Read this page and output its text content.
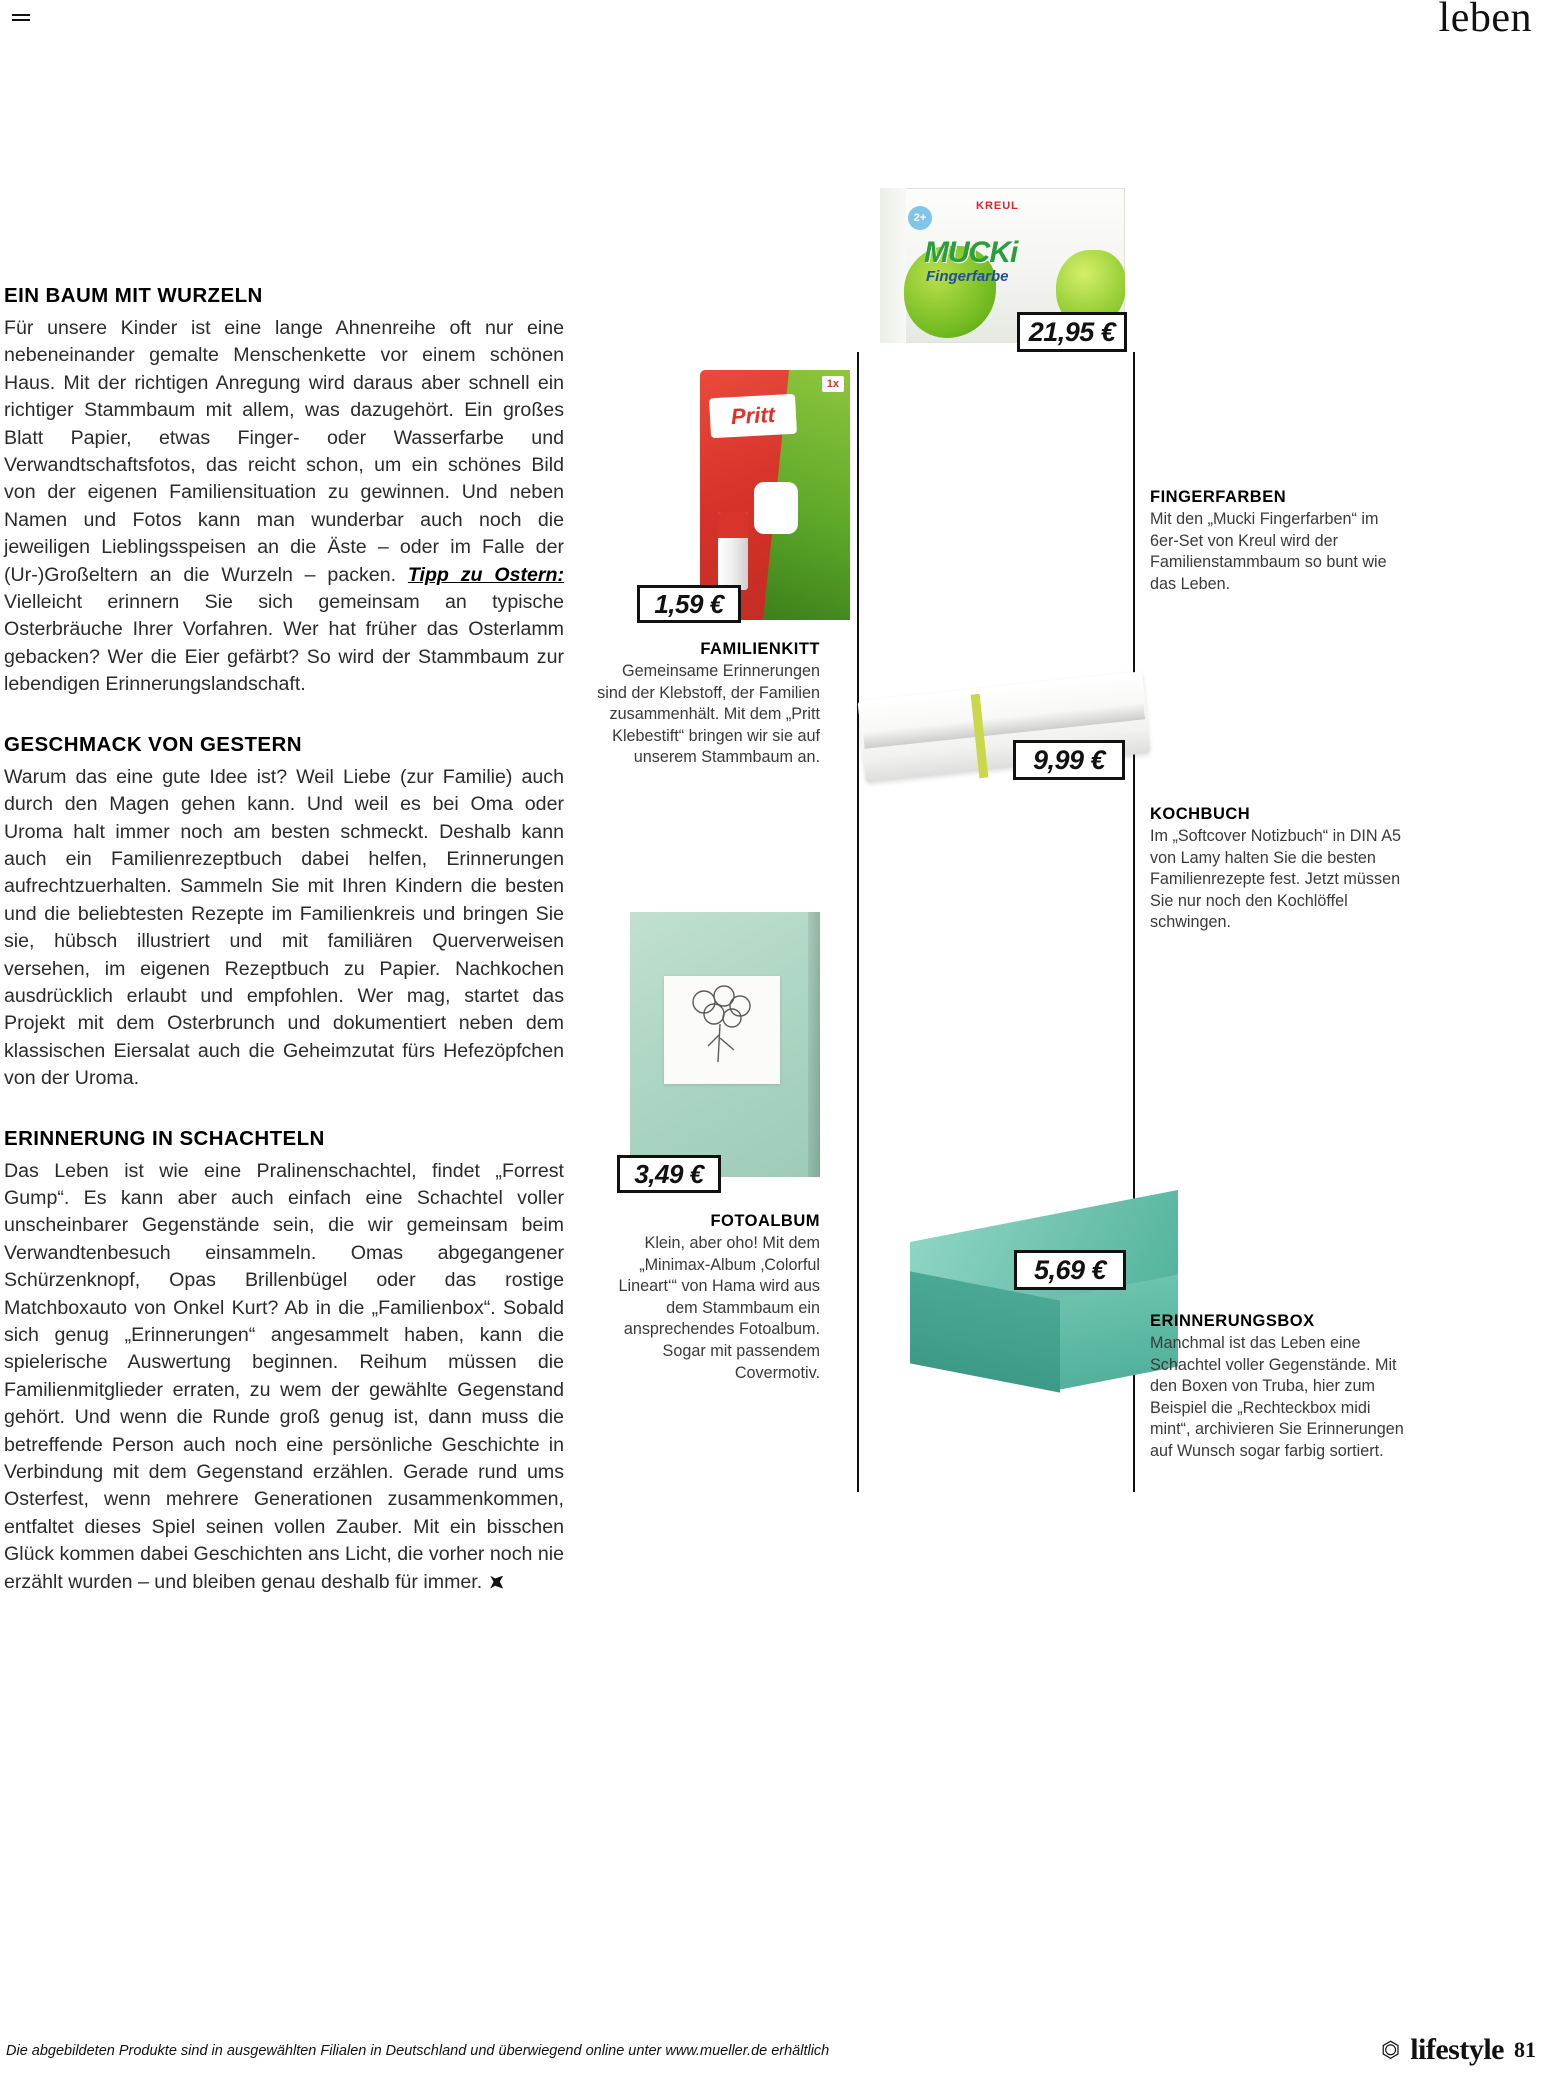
leben
EIN BAUM MIT WURZELN

Für unsere Kinder ist eine lange Ahnenreihe oft nur eine nebeneinander gemalte Menschenkette vor einem schönen Haus. Mit der richtigen Anregung wird daraus aber schnell ein richtiger Stammbaum mit allem, was dazugehört. Ein großes Blatt Papier, etwas Finger- oder Wasserfarbe und Verwandtschaftsfotos, das reicht schon, um ein schönes Bild von der eigenen Familiensituation zu gewinnen. Und neben Namen und Fotos kann man wunderbar auch noch die jeweiligen Lieblingsspeisen an die Äste – oder im Falle der (Ur-)Großeltern an die Wurzeln – packen. Tipp zu Ostern: Vielleicht erinnern Sie sich gemeinsam an typische Osterbräuche Ihrer Vorfahren. Wer hat früher das Osterlamm gebacken? Wer die Eier gefärbt? So wird der Stammbaum zur lebendigen Erinnerungslandschaft.

GESCHMACK VON GESTERN

Warum das eine gute Idee ist? Weil Liebe (zur Familie) auch durch den Magen gehen kann. Und weil es bei Oma oder Uroma halt immer noch am besten schmeckt. Deshalb kann auch ein Familienrezeptbuch dabei helfen, Erinnerungen aufrechtzuerhalten. Sammeln Sie mit Ihren Kindern die besten und die beliebtesten Rezepte im Familienkreis und bringen Sie sie, hübsch illustriert und mit familiären Querverweisen versehen, im eigenen Rezeptbuch zu Papier. Nachkochen ausdrücklich erlaubt und empfohlen. Wer mag, startet das Projekt mit dem Osterbrunch und dokumentiert neben dem klassischen Eiersalat auch die Geheimzutat fürs Hefezöpfchen von der Uroma.

ERINNERUNG IN SCHACHTELN

Das Leben ist wie eine Pralinenschachtel, findet „Forrest Gump“. Es kann aber auch einfach eine Schachtel voller unscheinbarer Gegenstände sein, die wir gemeinsam beim Verwandtenbesuch einsammeln. Omas abgegangener Schürzenknopf, Opas Brillenbügel oder das rostige Matchboxauto von Onkel Kurt? Ab in die „Familienbox“. Sobald sich genug „Erinnerungen“ angesammelt haben, kann die spielerische Auswertung beginnen. Reihum müssen die Familienmitglieder erraten, zu wem der gewählte Gegenstand gehört. Und wenn die Runde groß genug ist, dann muss die betreffende Person auch noch eine persönliche Geschichte in Verbindung mit dem Gegenstand erzählen. Gerade rund ums Osterfest, wenn mehrere Generationen zusammenkommen, entfaltet dieses Spiel seinen vollen Zauber. Mit ein bisschen Glück kommen dabei Geschichten ans Licht, die vorher noch nie erzählt wurden – und bleiben genau deshalb für immer.

2+
KREUL
MUCKi
Fingerfarbe
21,95 €
FINGERFARBEN

Mit den „Mucki Fingerfarben“ im 6er-Set von Kreul wird der Familienstammbaum so bunt wie das Leben.

1x
Pritt
1,59 €
FAMILIENKITT

Gemeinsame Erinnerungen sind der Klebstoff, der Familien zusammenhält. Mit dem „Pritt Klebestift“ bringen wir sie auf unserem Stammbaum an.	9,99 €
KOCHBUCH

Im „Softcover Notizbuch“ in DIN A5 von Lamy halten Sie die besten Familienrezepte fest. Jetzt müssen Sie nur noch den Kochlöffel schwingen.

3,49 €
FOTOALBUM

Klein, aber oho! Mit dem „Minimax-Album ‚Colorful Lineart‘“ von Hama wird aus dem Stammbaum ein ansprechendes Fotoalbum. Sogar mit passendem Covermotiv.

5,69 €
ERINNERUNGSBOX

Manchmal ist das Leben eine Schachtel voller Gegenstände. Mit den Boxen von Truba, hier zum Beispiel die „Rechteckbox midi mint“, archivieren Sie Erinnerungen auf Wunsch sogar farbig sortiert.

Die abgebildeten Produkte sind in ausgewählten Filialen in Deutschland und überwiegend online unter www.mueller.de erhältlich	⏣ lifestyle 81
